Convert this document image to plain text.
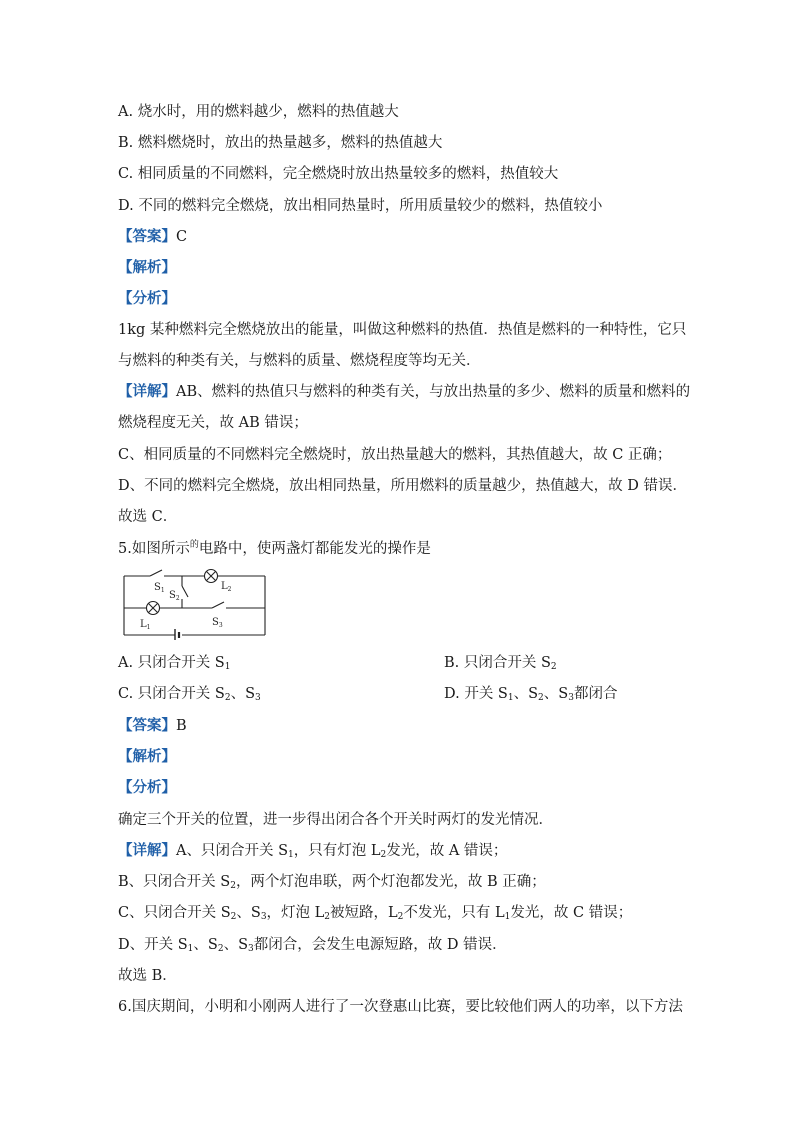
A. 烧水时，用的燃料越少，燃料的热值越大
B. 燃料燃烧时，放出的热量越多，燃料的热值越大
C. 相同质量的不同燃料，完全燃烧时放出热量较多的燃料，热值较大
D. 不同的燃料完全燃烧，放出相同热量时，所用质量较少的燃料，热值较小
【答案】C
【解析】
【分析】
1kg 某种燃料完全燃烧放出的能量，叫做这种燃料的热值．热值是燃料的一种特性，它只
与燃料的种类有关，与燃料的质量、燃烧程度等均无关．
【详解】AB、燃料的热值只与燃料的种类有关，与放出热量的多少、燃料的质量和燃料的
燃烧程度无关，故 AB 错误；
C、相同质量的不同燃料完全燃烧时，放出热量越大的燃料，其热值越大，故 C 正确；
D、不同的燃料完全燃烧，放出相同热量，所用燃料的质量越少，热值越大，故 D 错误．
故选 C．
5.如图所示$^的$电路中，使两盏灯都能发光的操作是
$S_1$ $S_2$
$L_2$
$L_1$	$S_3$
A. 只闭合开关 $S_1$	B. 只闭合开关 $S_2$
C. 只闭合开关 $S_2$、$S_3$	D. 开关 $S_1$、$S_2$、$S_3$都闭合
【答案】B
【解析】
【分析】
确定三个开关的位置，进一步得出闭合各个开关时两灯的发光情况．
【详解】A、只闭合开关 $S_1$，只有灯泡 $L_2$发光，故 A 错误；
B、只闭合开关 $S_2$，两个灯泡串联，两个灯泡都发光，故 B 正确；
C、只闭合开关 $S_2$、$S_3$，灯泡 $L_2$被短路，$L_2$不发光，只有 $L_1$发光，故 C 错误；
D、开关 $S_1$、$S_2$、$S_3$都闭合，会发生电源短路，故 D 错误．
故选 B．
6.国庆期间，小明和小刚两人进行了一次登惠山比赛，要比较他们两人的功率，以下方法
